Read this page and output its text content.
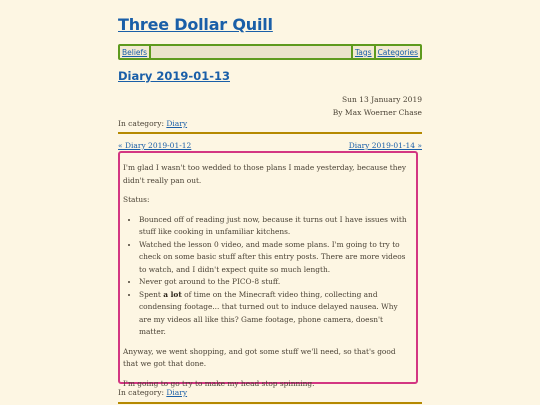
Three Dollar Quill
Beliefs	Tags Categories
Diary 2019-01-13
Sun 13 January 2019
By Max Woerner Chase
In category: Diary
« Diary 2019-01-12	Diary 2019-01-14 »

I'm glad I wasn't too wedded to those plans I made yesterday, because they didn't really pan out.

Status:

• Bounced off of reading just now, because it turns out I have issues with stuff like cooking in unfamiliar kitchens.
• Watched the lesson 0 video, and made some plans. I'm going to try to check on some basic stuff after this entry posts. There are more videos to watch, and I didn't expect quite so much length.
• Never got around to the PICO-8 stuff.
• Spent a lot of time on the Minecraft video thing, collecting and condensing footage... that turned out to induce delayed nausea. Why are my videos all like this? Game footage, phone camera, doesn't matter.

Anyway, we went shopping, and got some stuff we'll need, so that's good that we got that done.

I'm going to go try to make my head stop spinning.

In category: Diary
